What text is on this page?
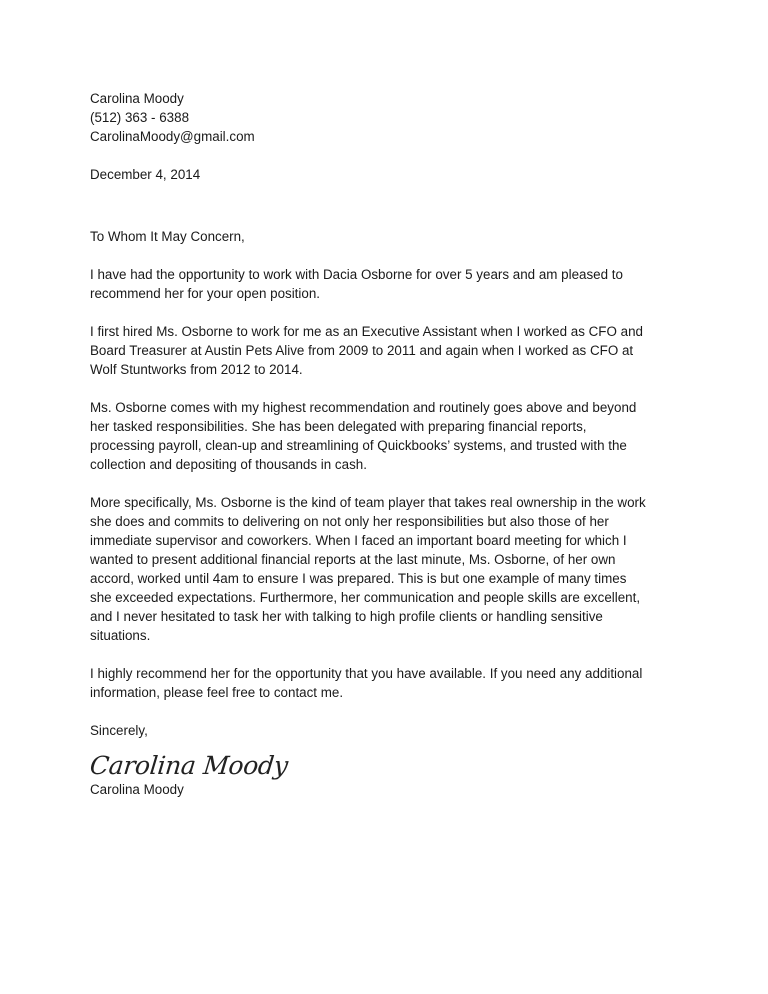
Carolina Moody
(512) 363 - 6388
CarolinaMoody@gmail.com
December 4, 2014
To Whom It May Concern,
I have had the opportunity to work with Dacia Osborne for over 5 years and am pleased to
recommend her for your open position.
I first hired Ms. Osborne to work for me as an Executive Assistant when I worked as CFO and
Board Treasurer at Austin Pets Alive from 2009 to 2011 and again when I worked as CFO at
Wolf Stuntworks from 2012 to 2014.
Ms. Osborne comes with my highest recommendation and routinely goes above and beyond
her tasked responsibilities. She has been delegated with preparing financial reports,
processing payroll, clean-up and streamlining of Quickbooks’ systems, and trusted with the
collection and depositing of thousands in cash.
More specifically, Ms. Osborne is the kind of team player that takes real ownership in the work
she does and commits to delivering on not only her responsibilities but also those of her
immediate supervisor and coworkers. When I faced an important board meeting for which I
wanted to present additional financial reports at the last minute, Ms. Osborne, of her own
accord, worked until 4am to ensure I was prepared. This is but one example of many times
she exceeded expectations. Furthermore, her communication and people skills are excellent,
and I never hesitated to task her with talking to high profile clients or handling sensitive
situations.
I highly recommend her for the opportunity that you have available. If you need any additional
information, please feel free to contact me.
Sincerely,
Carolina Moody
Carolina Moody
